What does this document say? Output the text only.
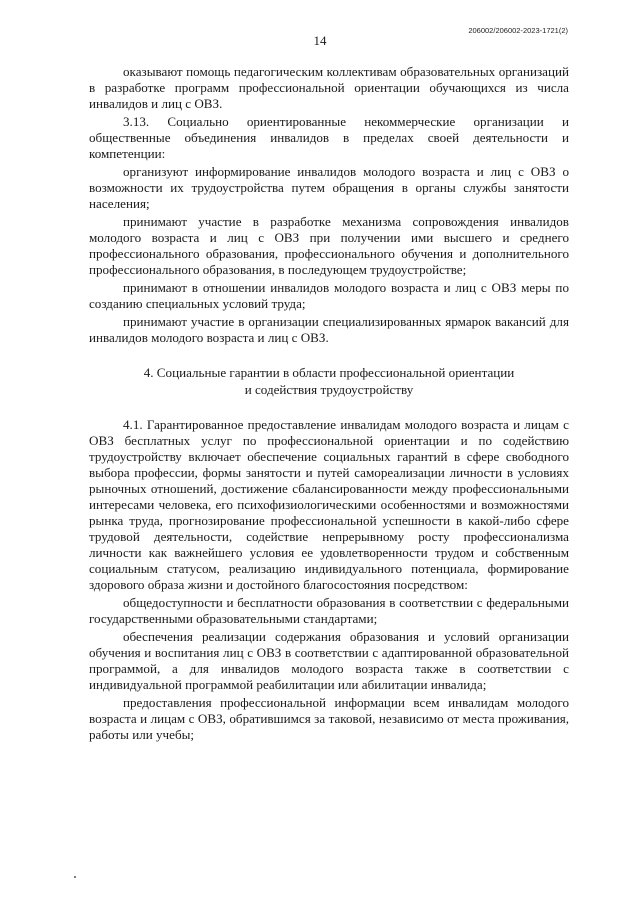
206002/206002-2023-1721(2)
14

оказывают помощь педагогическим коллективам образовательных организаций в разработке программ профессиональной ориентации обучающихся из числа инвалидов и лиц с ОВЗ.

3.13. Социально ориентированные некоммерческие организации и общественные объединения инвалидов в пределах своей деятельности и компетенции:

организуют информирование инвалидов молодого возраста и лиц с ОВЗ о возможности их трудоустройства путем обращения в органы службы занятости населения;

принимают участие в разработке механизма сопровождения инвалидов молодого возраста и лиц с ОВЗ при получении ими высшего и среднего профессионального образования, профессионального обучения и дополнительного профессионального образования, в последующем трудоустройстве;

принимают в отношении инвалидов молодого возраста и лиц с ОВЗ меры по созданию специальных условий труда;

принимают участие в организации специализированных ярмарок вакансий для инвалидов молодого возраста и лиц с ОВЗ.

4. Социальные гарантии в области профессиональной ориентации

и содействия трудоустройству

4.1. Гарантированное предоставление инвалидам молодого возраста и лицам с ОВЗ бесплатных услуг по профессиональной ориентации и по содействию трудоустройству включает обеспечение социальных гарантий в сфере свободного выбора профессии, формы занятости и путей самореализации личности в условиях рыночных отношений, достижение сбалансированности между профессиональными интересами человека, его психофизиологическими особенностями и возможностями рынка труда, прогнозирование профессиональной успешности в какой-либо сфере трудовой деятельности, содействие непрерывному росту профессионализма личности как важнейшего условия ее удовлетворенности трудом и собственным социальным статусом, реализацию индивидуального потенциала, формирование здорового образа жизни и достойного благосостояния посредством:

общедоступности и бесплатности образования в соответствии с федеральными государственными образовательными стандартами;

обеспечения реализации содержания образования и условий организации обучения и воспитания лиц с ОВЗ в соответствии с адаптированной образовательной программой, а для инвалидов молодого возраста также в соответствии с индивидуальной программой реабилитации или абилитации инвалида;

предоставления профессиональной информации всем инвалидам молодого возраста и лицам с ОВЗ, обратившимся за таковой, независимо от места проживания, работы или учебы;
